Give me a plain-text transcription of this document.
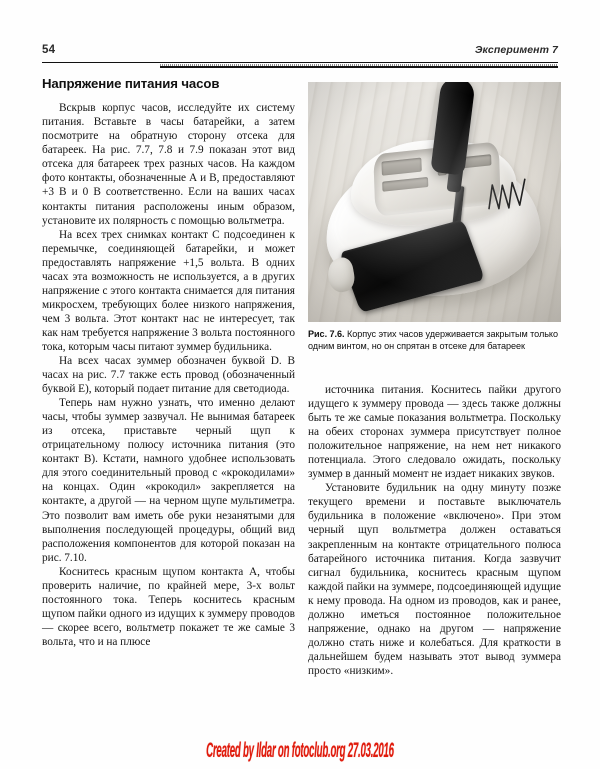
54	Эксперимент 7
Напряжение питания часов

Вскрыв корпус часов, исследуйте их систему питания. Вставьте в часы батарейки, а затем посмотрите на обратную сторону отсека для батареек. На рис. 7.7, 7.8 и 7.9 показан этот вид отсека для батареек трех разных часов. На каждом фото контакты, обозначенные А и В, предоставляют +3 В и 0 В соответственно. Если на ваших часах контакты питания расположены иным образом, установите их полярность с помощью вольтметра.

На всех трех снимках контакт С подсоединен к перемычке, соединяющей батарейки, и может предоставлять напряжение +1,5 вольта. В одних часах эта возможность не используется, а в других напряжение с этого контакта снимается для питания микросхем, требующих более низкого напряжения, чем 3 вольта. Этот контакт нас не интересует, так как нам требуется напряжение 3 вольта постоянного тока, которым часы питают зуммер будильника.

На всех часах зуммер обозначен буквой D. В часах на рис. 7.7 также есть провод (обозначенный буквой Е), который подает питание для светодиода.

Теперь нам нужно узнать, что именно делают часы, чтобы зуммер зазвучал. Не вынимая батареек из отсека, приставьте черный щуп к отрицательному полюсу источника питания (это контакт В). Кстати, намного удобнее использовать для этого соединительный провод с «крокодилами» на концах. Один «крокодил» закрепляется на контакте, а другой — на черном щупе мультиметра. Это позволит вам иметь обе руки незанятыми для выполнения последующей процедуры, общий вид расположения компонентов для которой показан на рис. 7.10.

Коснитесь красным щупом контакта А, чтобы проверить наличие, по крайней мере, 3-х вольт постоянного тока. Теперь коснитесь красным щупом пайки одного из идущих к зуммеру проводов — скорее всего, вольтметр покажет те же самые 3 вольта, что и на плюсе

Рис. 7.6. Корпус этих часов удерживается закрытым только одним винтом, но он спрятан в отсеке для батареек

источника питания. Коснитесь пайки другого идущего к зуммеру провода — здесь также должны быть те же самые показания вольтметра. Поскольку на обеих сторонах зуммера присутствует полное положительное напряжение, на нем нет никакого потенциала. Этого следовало ожидать, поскольку зуммер в данный момент не издает никаких звуков.

Установите будильник на одну минуту позже текущего времени и поставьте выключатель будильника в положение «включено». При этом черный щуп вольтметра должен оставаться закрепленным на контакте отрицательного полюса батарейного источника питания. Когда зазвучит сигнал будильника, коснитесь красным щупом каждой пайки на зуммере, подсоединяющей идущие к нему провода. На одном из проводов, как и ранее, должно иметься постоянное положительное напряжение, однако на другом — напряжение должно стать ниже и колебаться. Для краткости в дальнейшем будем называть этот вывод зуммера просто «низким».

Created by Ildar on fotoclub.org 27.03.2016
